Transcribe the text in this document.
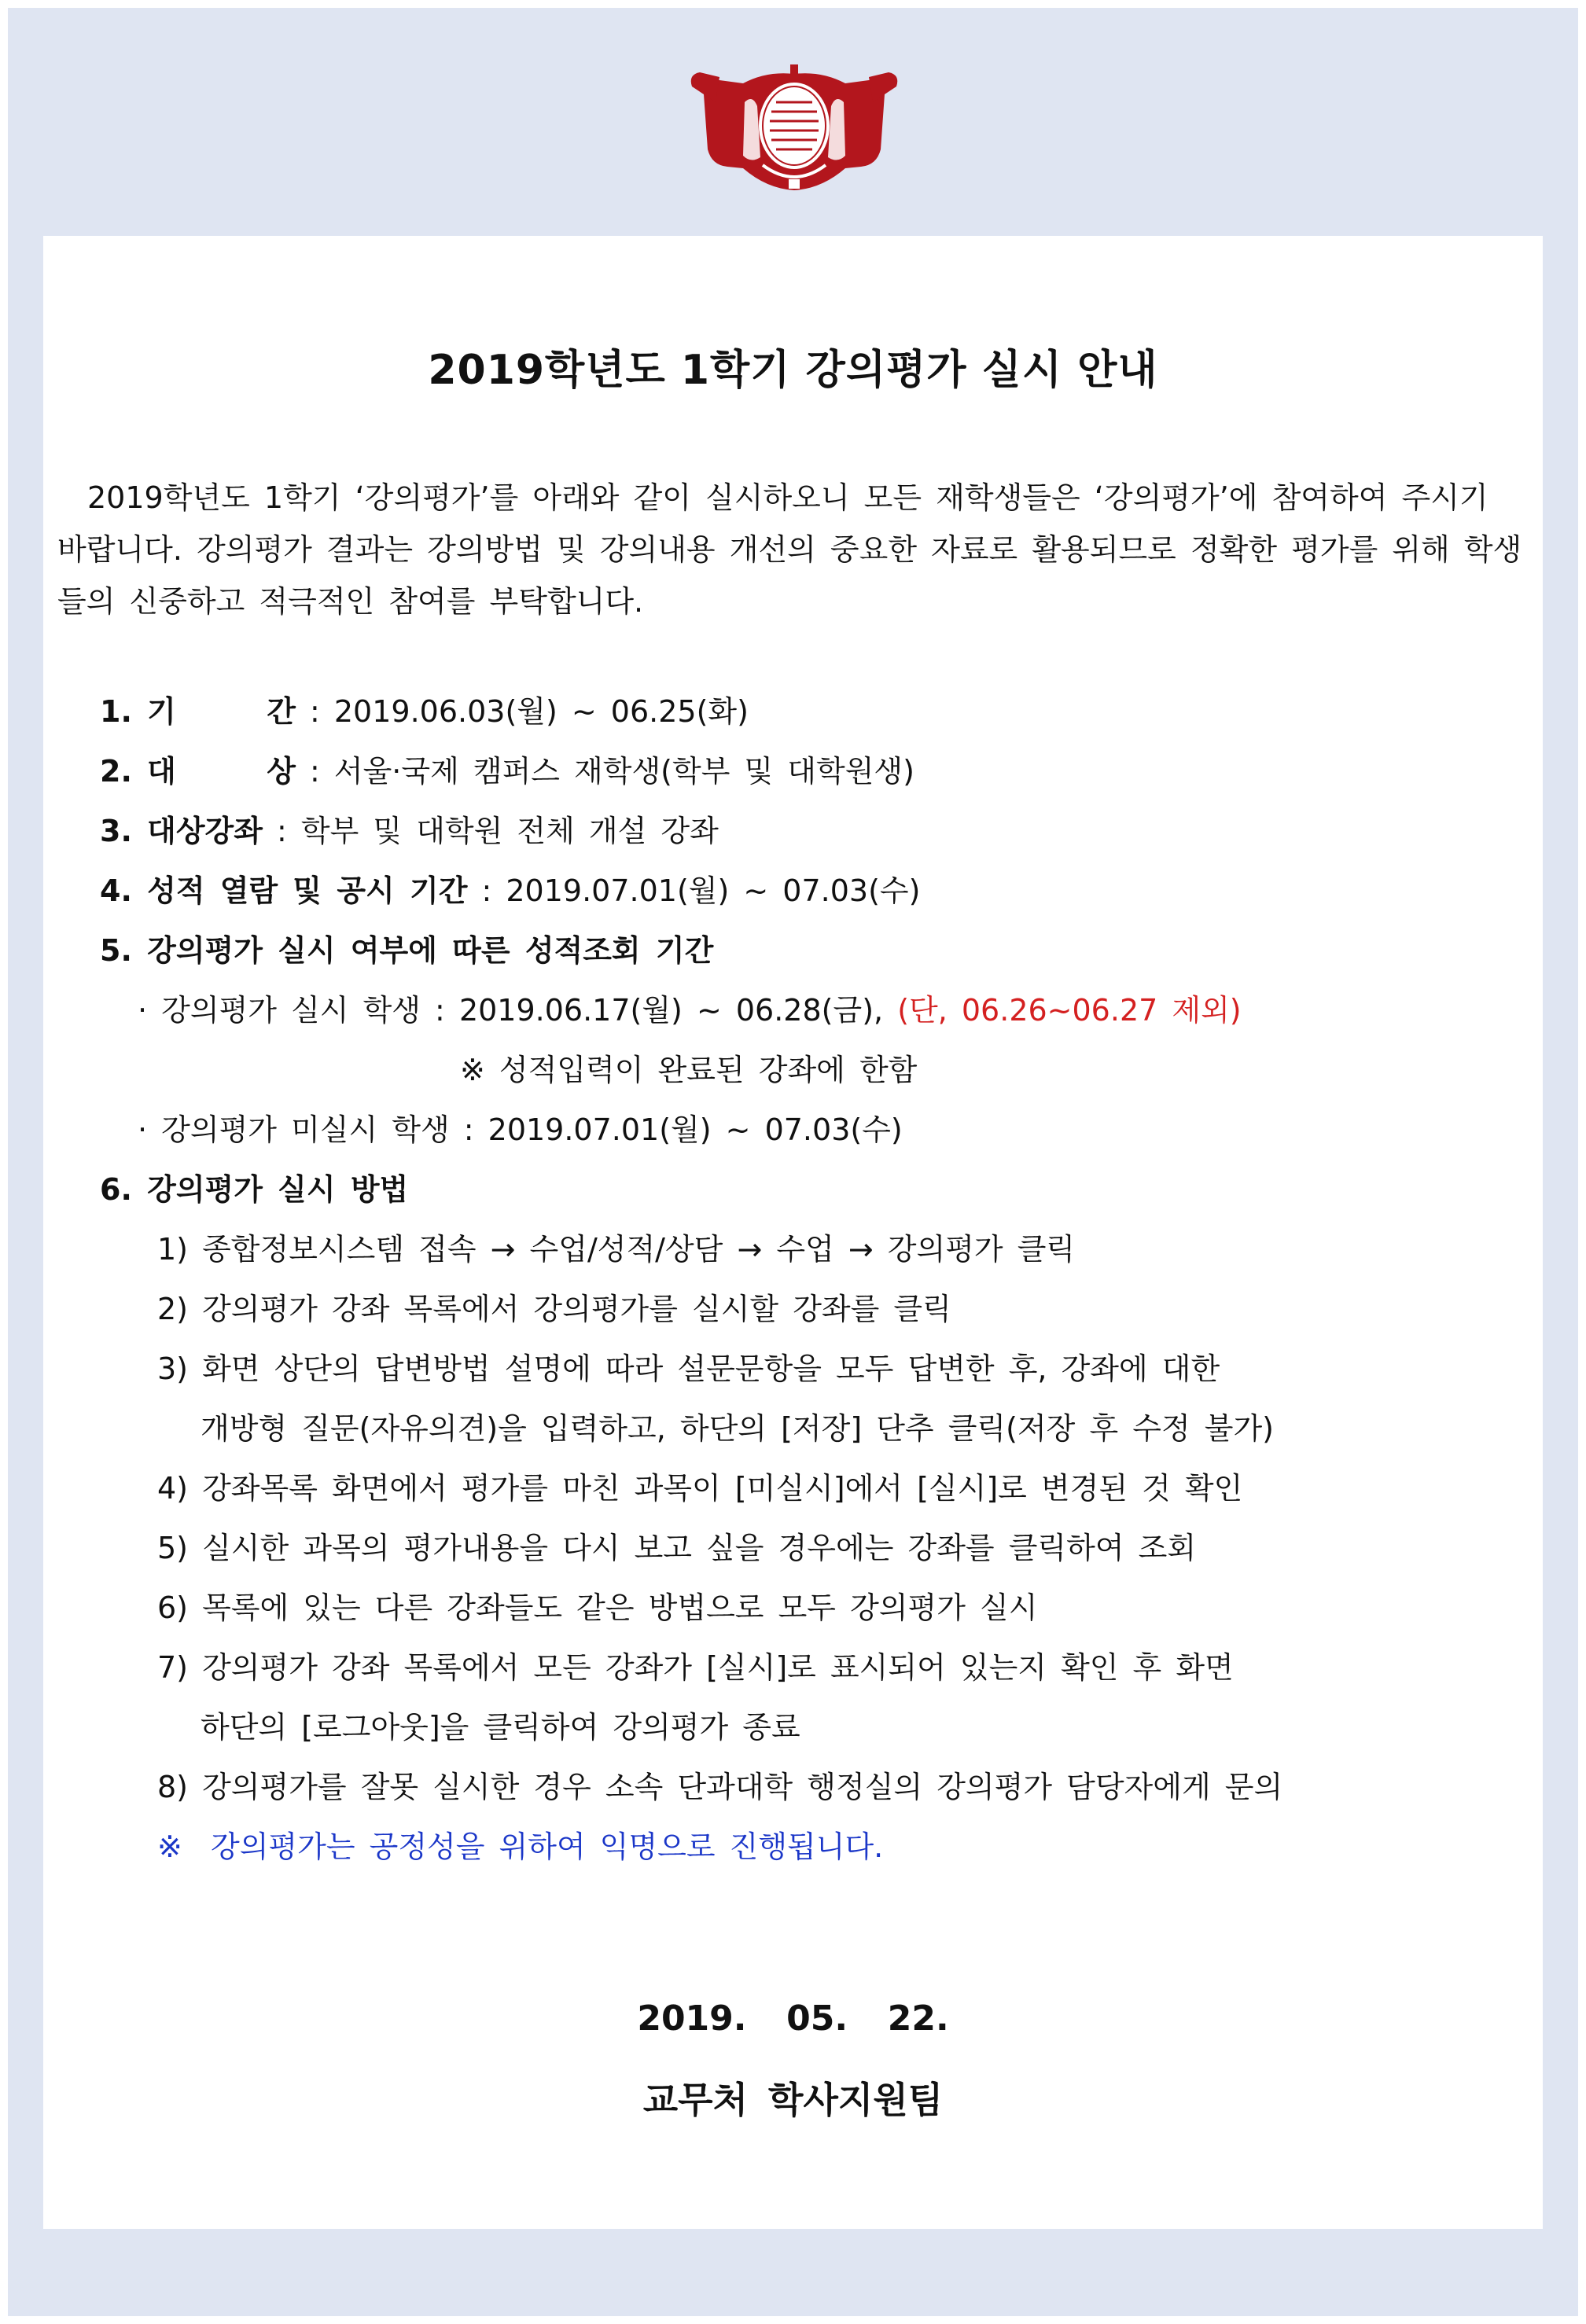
2019학년도 1학기 강의평가 실시 안내

2019학년도 1학기 ‘강의평가’를 아래와 같이 실시하오니 모든 재학생들은 ‘강의평가’에 참여하여 주시기 바랍니다. 강의평가 결과는 강의방법 및 강의내용 개선의 중요한 자료로 활용되므로 정확한 평가를 위해 학생들의 신중하고 적극적인 참여를 부탁합니다.

1. 기      간 : 2019.06.03(월) ~ 06.25(화)
2. 대      상 : 서울·국제 캠퍼스 재학생(학부 및 대학원생)
3. 대상강좌 : 학부 및 대학원 전체 개설 강좌
4. 성적 열람 및 공시 기간 : 2019.07.01(월) ~ 07.03(수)
5. 강의평가 실시 여부에 따른 성적조회 기간
· 강의평가 실시 학생 : 2019.06.17(월) ~ 06.28(금), (단, 06.26~06.27 제외)
※ 성적입력이 완료된 강좌에 한함
· 강의평가 미실시 학생 : 2019.07.01(월) ~ 07.03(수)
6. 강의평가 실시 방법
1) 종합정보시스템 접속 → 수업/성적/상담 → 수업 → 강의평가 클릭
2) 강의평가 강좌 목록에서 강의평가를 실시할 강좌를 클릭
3) 화면 상단의 답변방법 설명에 따라 설문문항을 모두 답변한 후, 강좌에 대한
개방형 질문(자유의견)을 입력하고, 하단의 [저장] 단추 클릭(저장 후 수정 불가)
4) 강좌목록 화면에서 평가를 마친 과목이 [미실시]에서 [실시]로 변경된 것 확인
5) 실시한 과목의 평가내용을 다시 보고 싶을 경우에는 강좌를 클릭하여 조회
6) 목록에 있는 다른 강좌들도 같은 방법으로 모두 강의평가 실시
7) 강의평가 강좌 목록에서 모든 강좌가 [실시]로 표시되어 있는지 확인 후 화면
하단의 [로그아웃]을 클릭하여 강의평가 종료
8) 강의평가를 잘못 실시한 경우 소속 단과대학 행정실의 강의평가 담당자에게 문의
※  강의평가는 공정성을 위하여 익명으로 진행됩니다.
2019.  05.  22.
교무처 학사지원팀
